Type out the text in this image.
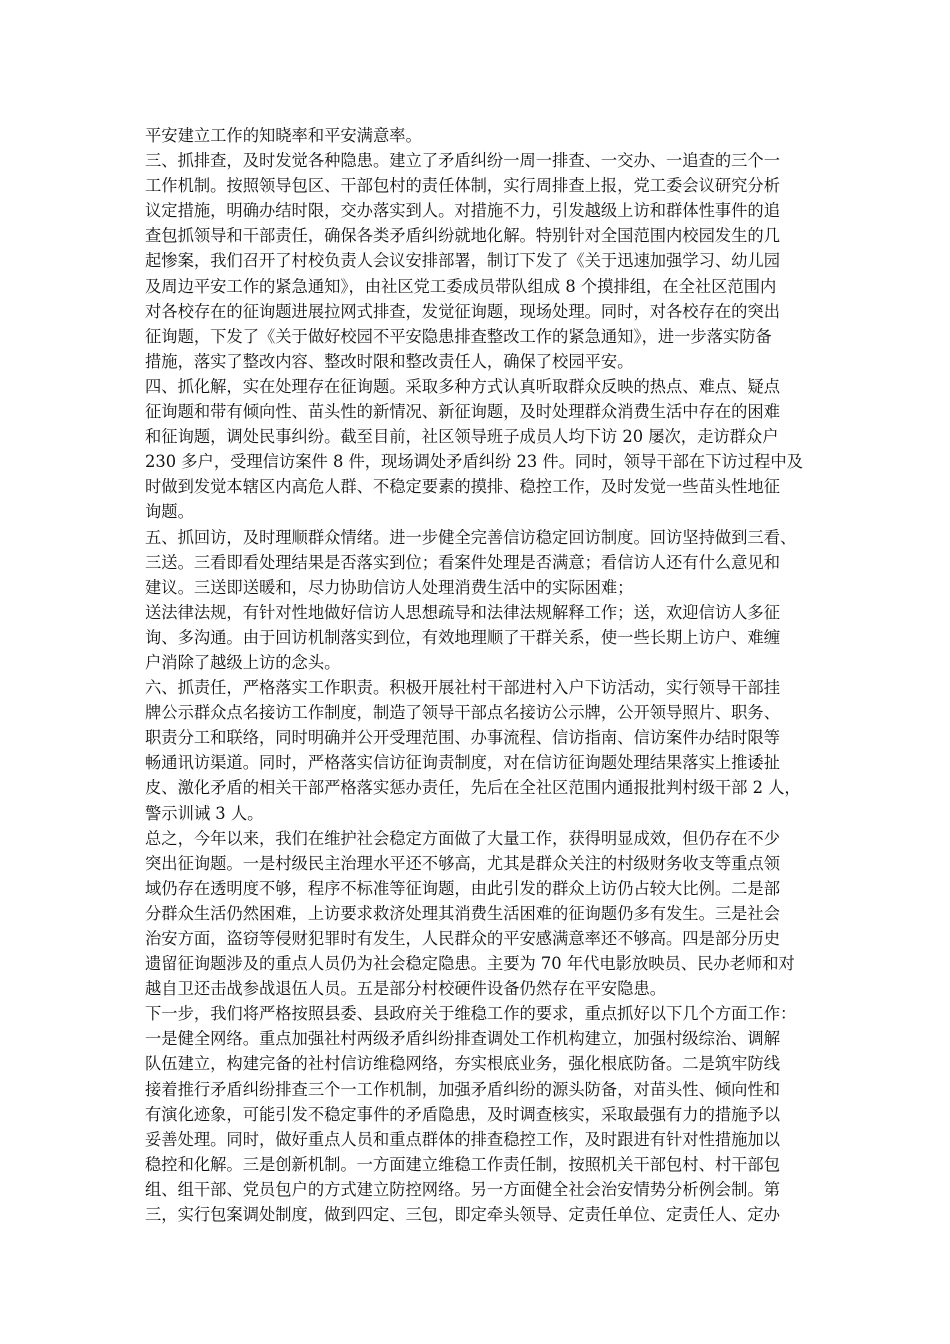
平安建立工作的知晓率和平安满意率。
三、抓排查，及时发觉各种隐患。建立了矛盾纠纷一周一排查、一交办、一追查的三个一
工作机制。按照领导包区、干部包村的责任体制，实行周排查上报，党工委会议研究分析
议定措施，明确办结时限，交办落实到人。对措施不力，引发越级上访和群体性事件的追
查包抓领导和干部责任，确保各类矛盾纠纷就地化解。特别针对全国范围内校园发生的几
起惨案，我们召开了村校负责人会议安排部署，制订下发了《关于迅速加强学习、幼儿园
及周边平安工作的紧急通知》，由社区党工委成员带队组成 8 个摸排组，在全社区范围内
对各校存在的征询题进展拉网式排查，发觉征询题，现场处理。同时，对各校存在的突出
征询题，下发了《关于做好校园不平安隐患排查整改工作的紧急通知》，进一步落实防备
措施，落实了整改内容、整改时限和整改责任人，确保了校园平安。
四、抓化解，实在处理存在征询题。采取多种方式认真听取群众反映的热点、难点、疑点
征询题和带有倾向性、苗头性的新情况、新征询题，及时处理群众消费生活中存在的困难
和征询题，调处民事纠纷。截至目前，社区领导班子成员人均下访 20 屡次，走访群众户
230 多户，受理信访案件 8 件，现场调处矛盾纠纷 23 件。同时，领导干部在下访过程中及
时做到发觉本辖区内高危人群、不稳定要素的摸排、稳控工作，及时发觉一些苗头性地征
询题。
五、抓回访，及时理顺群众情绪。进一步健全完善信访稳定回访制度。回访坚持做到三看、
三送。三看即看处理结果是否落实到位；看案件处理是否满意；看信访人还有什么意见和
建议。三送即送暖和，尽力协助信访人处理消费生活中的实际困难；
送法律法规，有针对性地做好信访人思想疏导和法律法规解释工作；送，欢迎信访人多征
询、多沟通。由于回访机制落实到位，有效地理顺了干群关系，使一些长期上访户、难缠
户消除了越级上访的念头。
六、抓责任，严格落实工作职责。积极开展社村干部进村入户下访活动，实行领导干部挂
牌公示群众点名接访工作制度，制造了领导干部点名接访公示牌，公开领导照片、职务、
职责分工和联络，同时明确并公开受理范围、办事流程、信访指南、信访案件办结时限等
畅通讯访渠道。同时，严格落实信访征询责制度，对在信访征询题处理结果落实上推诿扯
皮、激化矛盾的相关干部严格落实惩办责任，先后在全社区范围内通报批判村级干部 2 人，
警示训诫 3 人。
总之，今年以来，我们在维护社会稳定方面做了大量工作，获得明显成效，但仍存在不少
突出征询题。一是村级民主治理水平还不够高，尤其是群众关注的村级财务收支等重点领
域仍存在透明度不够，程序不标准等征询题，由此引发的群众上访仍占较大比例。二是部
分群众生活仍然困难，上访要求救济处理其消费生活困难的征询题仍多有发生。三是社会
治安方面，盗窃等侵财犯罪时有发生，人民群众的平安感满意率还不够高。四是部分历史
遗留征询题涉及的重点人员仍为社会稳定隐患。主要为 70 年代电影放映员、民办老师和对
越自卫还击战参战退伍人员。五是部分村校硬件设备仍然存在平安隐患。
下一步，我们将严格按照县委、县政府关于维稳工作的要求，重点抓好以下几个方面工作：
一是健全网络。重点加强社村两级矛盾纠纷排查调处工作机构建立，加强村级综治、调解
队伍建立，构建完备的社村信访维稳网络，夯实根底业务，强化根底防备。二是筑牢防线
接着推行矛盾纠纷排查三个一工作机制，加强矛盾纠纷的源头防备，对苗头性、倾向性和
有演化迹象，可能引发不稳定事件的矛盾隐患，及时调查核实，采取最强有力的措施予以
妥善处理。同时，做好重点人员和重点群体的排查稳控工作，及时跟进有针对性措施加以
稳控和化解。三是创新机制。一方面建立维稳工作责任制，按照机关干部包村、村干部包
组、组干部、党员包户的方式建立防控网络。另一方面健全社会治安情势分析例会制。第
三，实行包案调处制度，做到四定、三包，即定牵头领导、定责任单位、定责任人、定办
